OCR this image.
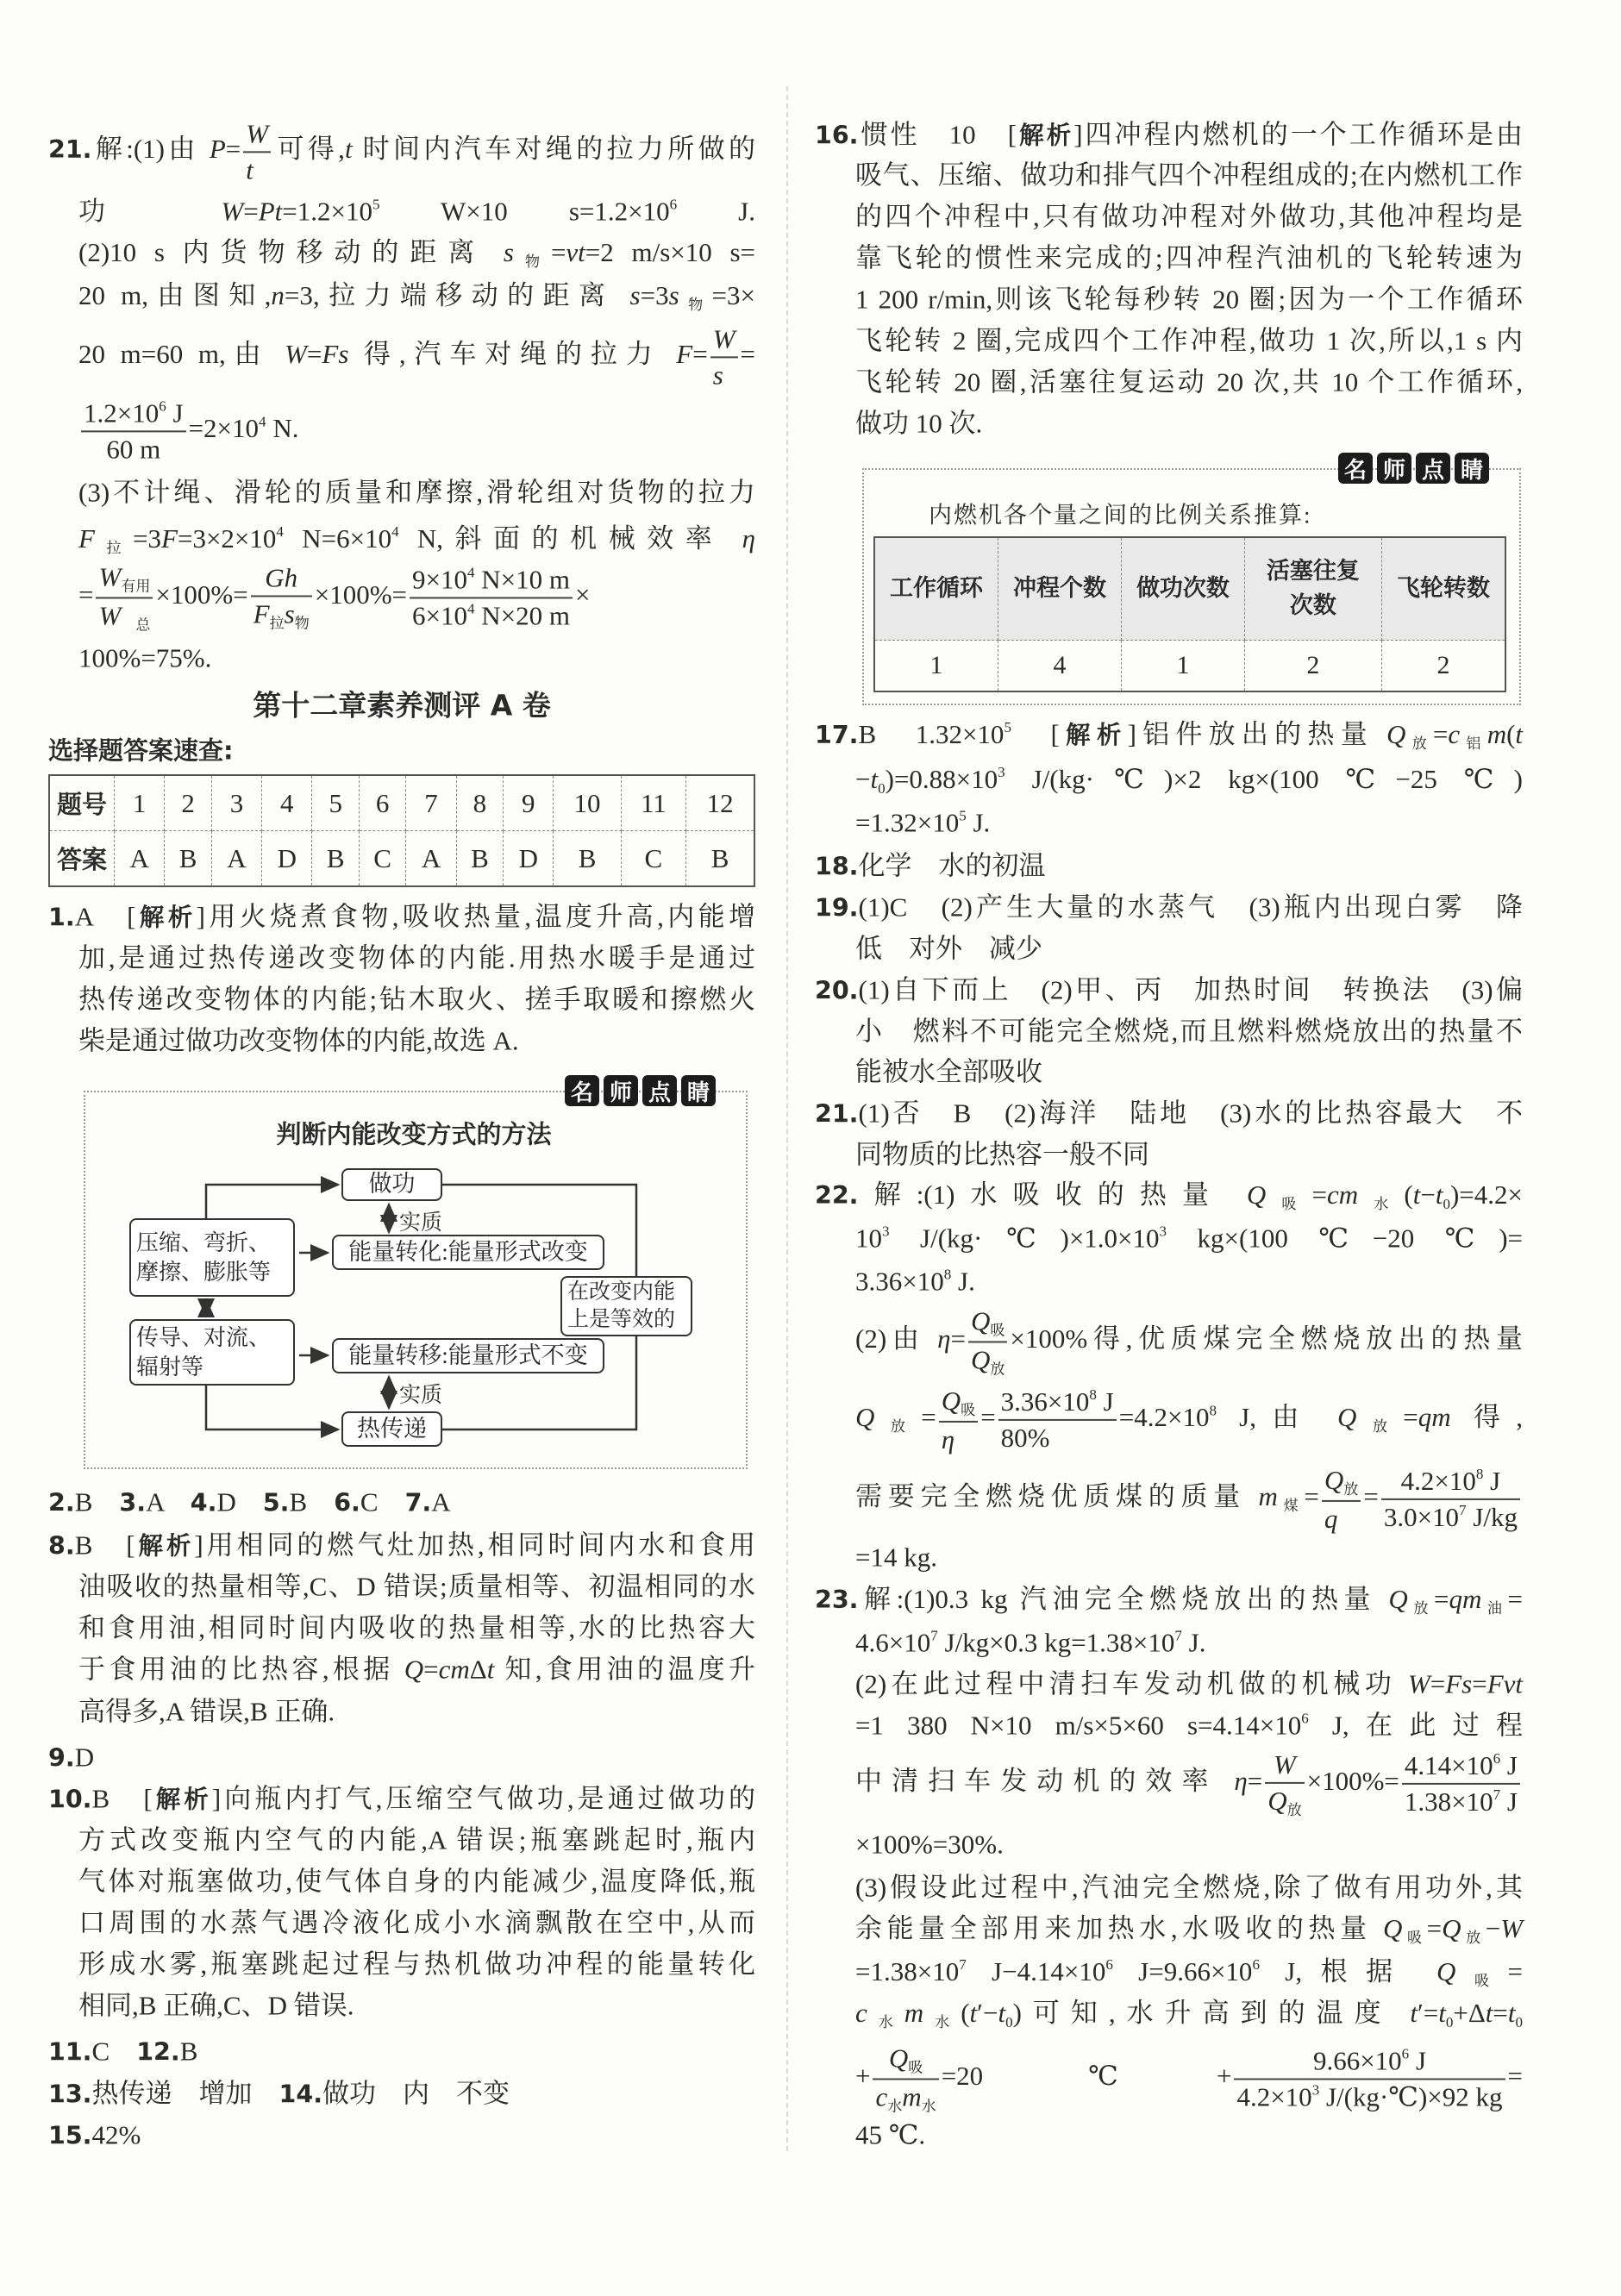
21.解:(1)由 $P= \frac{W}{t}$ 可得,t 时间内汽车对绳的拉力所做的
功 $W=Pt=1.2\times 10^5$ W×10 $s=1.2\times 10^6$ J.
(2)10 s 内货物移动的距离 $s_物=vt=2$ m/s×10 s=
20 m,由图知,n=3,拉力端移动的距离 $s=3s_物=3\times$
20 m=60 m,由 W=Fs 得,汽车对绳的拉力 $F= \frac{W}{s}$ =
$\frac{1.2\times 10^6 J}{60 m} =2\times 10^4$ N.
(3)不计绳、滑轮的质量和摩擦,滑轮组对货物的拉力
$F_拉=3F=3\times 2\times 10^4$ $N=6\times 10^4$ N,斜面的机械效率 η
= $\frac{W_{有用}}{W_总} \times 100\%= \frac{Gh}{F_拉s_物} \times 100\%= \frac{9\times 10^4 N\times 10 m}{6\times 10^4 N\times 20 m}$ ×
100%=75%.
第十二章素养测评 A 卷
选择题答案速查:
题号	1	2	3	4	5	6	7	8	9	10	11	12
答案	A	B	A	D	B	C	A	B	D	B	C	B
1.A　[解析]用火烧煮食物,吸收热量,温度升高,内能增
加,是通过热传递改变物体的内能.用热水暖手是通过
热传递改变物体的内能;钻木取火、搓手取暖和擦燃火
柴是通过做功改变物体的内能,故选 A.
名 师 点 睛
判断内能改变方式的方法
做功
实质
压缩、弯折、摩擦、膨胀等
能量转化:能量形式改变
在改变内能上是等效的
传导、对流、辐射等	能量转移:能量形式不变
实质
热传递
2.B　3.A　4.D　5.B　6.C　7.A
8.B　[解析]用相同的燃气灶加热,相同时间内水和食用
油吸收的热量相等,C、D 错误;质量相等、初温相同的水
和食用油,相同时间内吸收的热量相等,水的比热容大
于食用油的比热容,根据 Q=cmΔt 知,食用油的温度升
高得多,A 错误,B 正确.
9.D
10.B　[解析]向瓶内打气,压缩空气做功,是通过做功的
方式改变瓶内空气的内能,A 错误;瓶塞跳起时,瓶内
气体对瓶塞做功,使气体自身的内能减少,温度降低,瓶
口周围的水蒸气遇冷液化成小水滴飘散在空中,从而
形成水雾,瓶塞跳起过程与热机做功冲程的能量转化
相同,B 正确,C、D 错误.
11.C　12.B
13.热传递　增加　14.做功　内　不变
15.42%
16.惯性　10　[解析]四冲程内燃机的一个工作循环是由
吸气、压缩、做功和排气四个冲程组成的;在内燃机工作
的四个冲程中,只有做功冲程对外做功,其他冲程均是
靠飞轮的惯性来完成的;四冲程汽油机的飞轮转速为
1 200 r/min,则该飞轮每秒转 20 圈;因为一个工作循环
飞轮转 2 圈,完成四个工作冲程,做功 1 次,所以,1 s 内
飞轮转 20 圈,活塞往复运动 20 次,共 10 个工作循环,
做功 10 次.
名 师 点 睛
内燃机各个量之间的比例关系推算:
工作循环	冲程个数	做功次数	活塞往复次数	飞轮转数
1	4	1	2	2
17.B　$1.32\times 10^5$　[解析]铝件放出的热量 $Q_放=c_铝m(t$
$-t_0)=0.88\times 10^3$ J/(kg·℃)×2 kg×(100 ℃−25 ℃)
$=1.32\times 10^5$ J.
18.化学　水的初温
19.(1)C　(2)产生大量的水蒸气　(3)瓶内出现白雾　降
低　对外　减少
20.(1)自下而上　(2)甲、丙　加热时间　转换法　(3)偏
小　燃料不可能完全燃烧,而且燃料燃烧放出的热量不
能被水全部吸收
21.(1)否　B　(2)海洋　陆地　(3)水的比热容最大　不
同物质的比热容一般不同
22.解:(1)水吸收的热量 $Q_吸=cm_水(t-t_0)=4.2\times$
$10^3$ $J/(kg\cdot℃)\times 1.0\times 10^3$ kg×(100 ℃−20 ℃)=
$3.36\times 10^8$ J.
(2)由 $\eta= \frac{Q_吸}{Q_放} \times 100\%$得,优质煤完全燃烧放出的热量
$Q_放= \frac{Q_吸}{\eta} = \frac{3.36\times 10^8 J}{80\%} =4.2\times 10^8$ J,由 $Q_放=qm$ 得,
需要完全燃烧优质煤的质量 $m_煤= \frac{Q_放}{q} = \frac{4.2\times 10^8 J}{3.0\times 10^7 J/kg}$
=14 kg.
23.解:(1)0.3 kg 汽油完全燃烧放出的热量 $Q_放=qm_油=$
$4.6\times 10^7$ J/kg×0.3 $kg=1.38\times 10^7$ J.
(2)在此过程中清扫车发动机做的机械功 W=Fs=Fvt
=1 380 N×10 m/s×5×60 $s=4.14\times 10^6$ J,在此过程
中清扫车发动机的效率 $\eta= \frac{W}{Q_放} \times 100\%= \frac{4.14\times 10^6 J}{1.38\times 10^7 J}$
×100%=30%.
(3)假设此过程中,汽油完全燃烧,除了做有用功外,其
余能量全部用来加热水,水吸收的热量 $Q_吸=Q_放-W$
$=1.38\times 10^7$ $J-4.14\times 10^6$ $J=9.66\times 10^6$ J,根据 $Q_吸=$
$c_水m_水(t'-t_0)$可知,水升高到的温度 $t'=t_0+\Delta t=t_0$
+ $\frac{Q_吸}{c_水m_水} =20$ ℃+ $\frac{9.66\times 10^6 J}{4.2\times 10^3 J/(kg\cdot℃)\times 92 kg}$ =
45 ℃.
